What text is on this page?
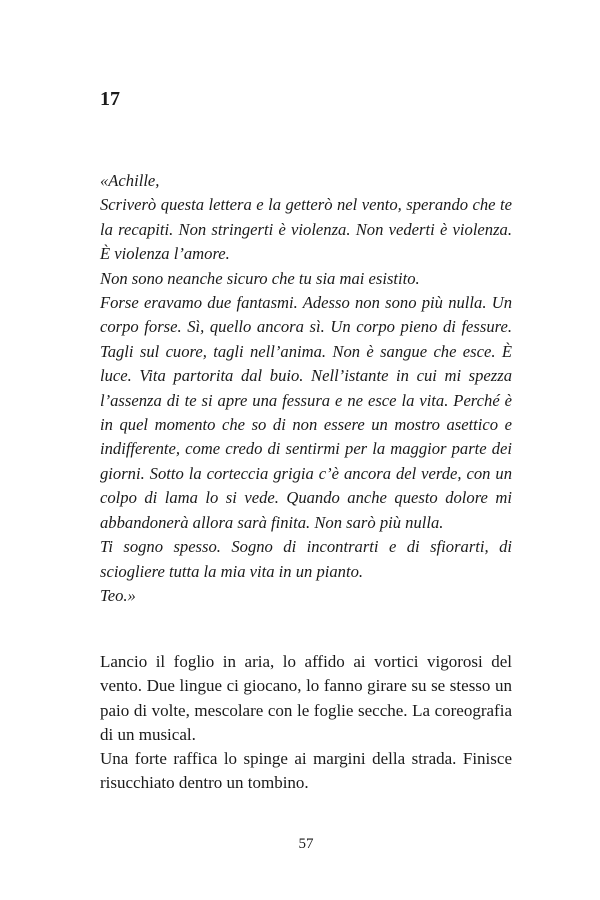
17

«Achille,

Scriverò questa lettera e la getterò nel vento, sperando che te la recapiti. Non stringerti è violenza. Non vederti è violenza. È violenza l’amore.

Non sono neanche sicuro che tu sia mai esistito.

Forse eravamo due fantasmi. Adesso non sono più nulla. Un corpo forse. Sì, quello ancora sì. Un corpo pieno di fessure. Tagli sul cuore, tagli nell’anima. Non è sangue che esce. È luce. Vita partorita dal buio. Nell’istante in cui mi spezza l’assenza di te si apre una fessura e ne esce la vita. Perché è in quel momento che so di non essere un mostro asettico e indifferente, come credo di sentirmi per la maggior parte dei giorni. Sotto la corteccia grigia c’è ancora del verde, con un colpo di lama lo si vede. Quando anche questo dolore mi abbandonerà allora sarà finita. Non sarò più nulla.

Ti sogno spesso. Sogno di incontrarti e di sfiorarti, di sciogliere tutta la mia vita in un pianto.

Teo.»

Lancio il foglio in aria, lo affido ai vortici vigorosi del vento. Due lingue ci giocano, lo fanno girare su se stesso un paio di volte, mescolare con le foglie secche. La coreografia di un musical.

Una forte raffica lo spinge ai margini della strada. Finisce risucchiato dentro un tombino.

57
